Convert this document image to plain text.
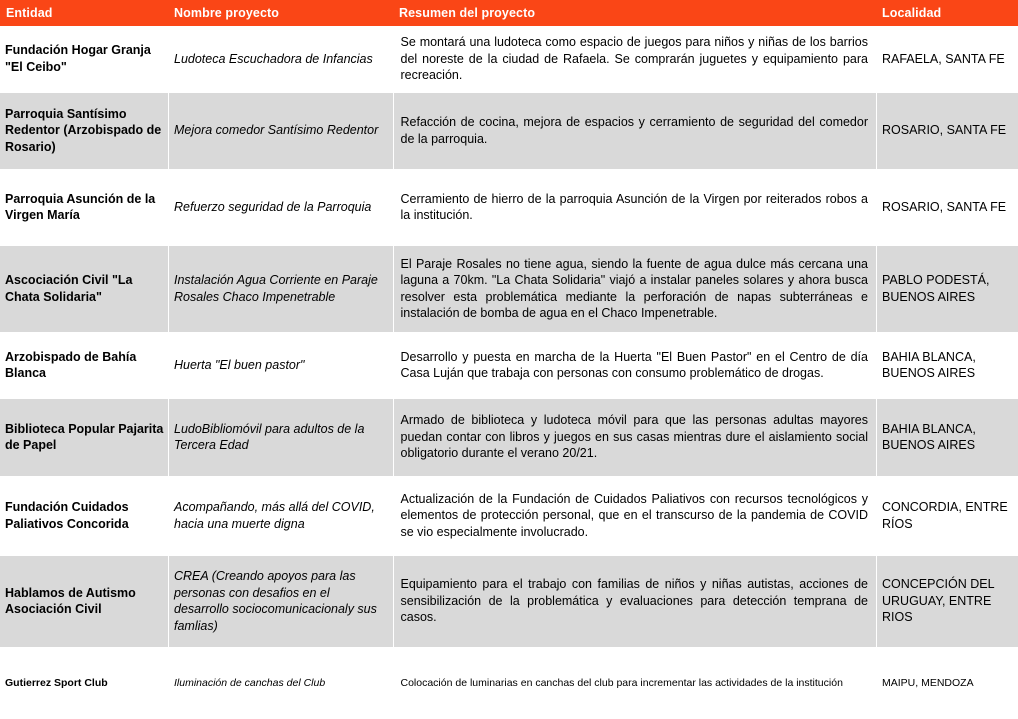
Entidad	Nombre proyecto	Resumen del proyecto	Localidad
Fundación Hogar Granja "El Ceibo"	Ludoteca Escuchadora de Infancias	Se montará una ludoteca como espacio de juegos para niños y niñas de los barrios del noreste de la ciudad de Rafaela. Se comprarán juguetes y equipamiento para recreación.	RAFAELA, SANTA FE
Parroquia Santísimo Redentor (Arzobispado de Rosario)	Mejora comedor Santísimo Redentor	Refacción de cocina, mejora de espacios y cerramiento de seguridad del comedor de la parroquia.	ROSARIO, SANTA FE
Parroquia Asunción de la Virgen María	Refuerzo seguridad de la Parroquia	Cerramiento de hierro de la parroquia Asunción de la Virgen por reiterados robos a la institución.	ROSARIO, SANTA FE
Ascociación Civil "La Chata Solidaria"	Instalación Agua Corriente en Paraje Rosales Chaco Impenetrable	El Paraje Rosales no tiene agua, siendo la fuente de agua dulce más cercana una laguna a 70km. "La Chata Solidaria" viajó a instalar paneles solares y ahora busca resolver esta problemática mediante la perforación de napas subterráneas e instalación de bomba de agua en el Chaco Impenetrable.	PABLO PODESTÁ, BUENOS AIRES
Arzobispado de Bahía Blanca	Huerta "El buen pastor"	Desarrollo y puesta en marcha de la Huerta "El Buen Pastor" en el Centro de día Casa Luján que trabaja con personas con consumo problemático de drogas.	BAHIA BLANCA, BUENOS AIRES
Biblioteca Popular Pajarita de Papel	LudoBibliomóvil para adultos de la Tercera Edad	Armado de biblioteca y ludoteca móvil para que las personas adultas mayores puedan contar con libros y juegos en sus casas mientras dure el aislamiento social obligatorio durante el verano 20/21.	BAHIA BLANCA, BUENOS AIRES
Fundación Cuidados Paliativos Concorida	Acompañando, más allá del COVID, hacia una muerte digna	Actualización de la Fundación de Cuidados Paliativos con recursos tecnológicos y elementos de protección personal, que en el transcurso de la pandemia de COVID se vio especialmente involucrado.	CONCORDIA, ENTRE RÍOS
Hablamos de Autismo Asociación Civil	CREA (Creando apoyos para las personas con desafios en el desarrollo sociocomunicacionaly sus famlias)	Equipamiento para el trabajo con familias de niños y niñas autistas, acciones de sensibilización de la problemática y evaluaciones para detección temprana de casos.	CONCEPCIÓN DEL URUGUAY, ENTRE RIOS
Gutierrez Sport Club	Iluminación de canchas del Club	Colocación de luminarias en canchas del club para incrementar las actividades de la institución	MAIPU, MENDOZA
